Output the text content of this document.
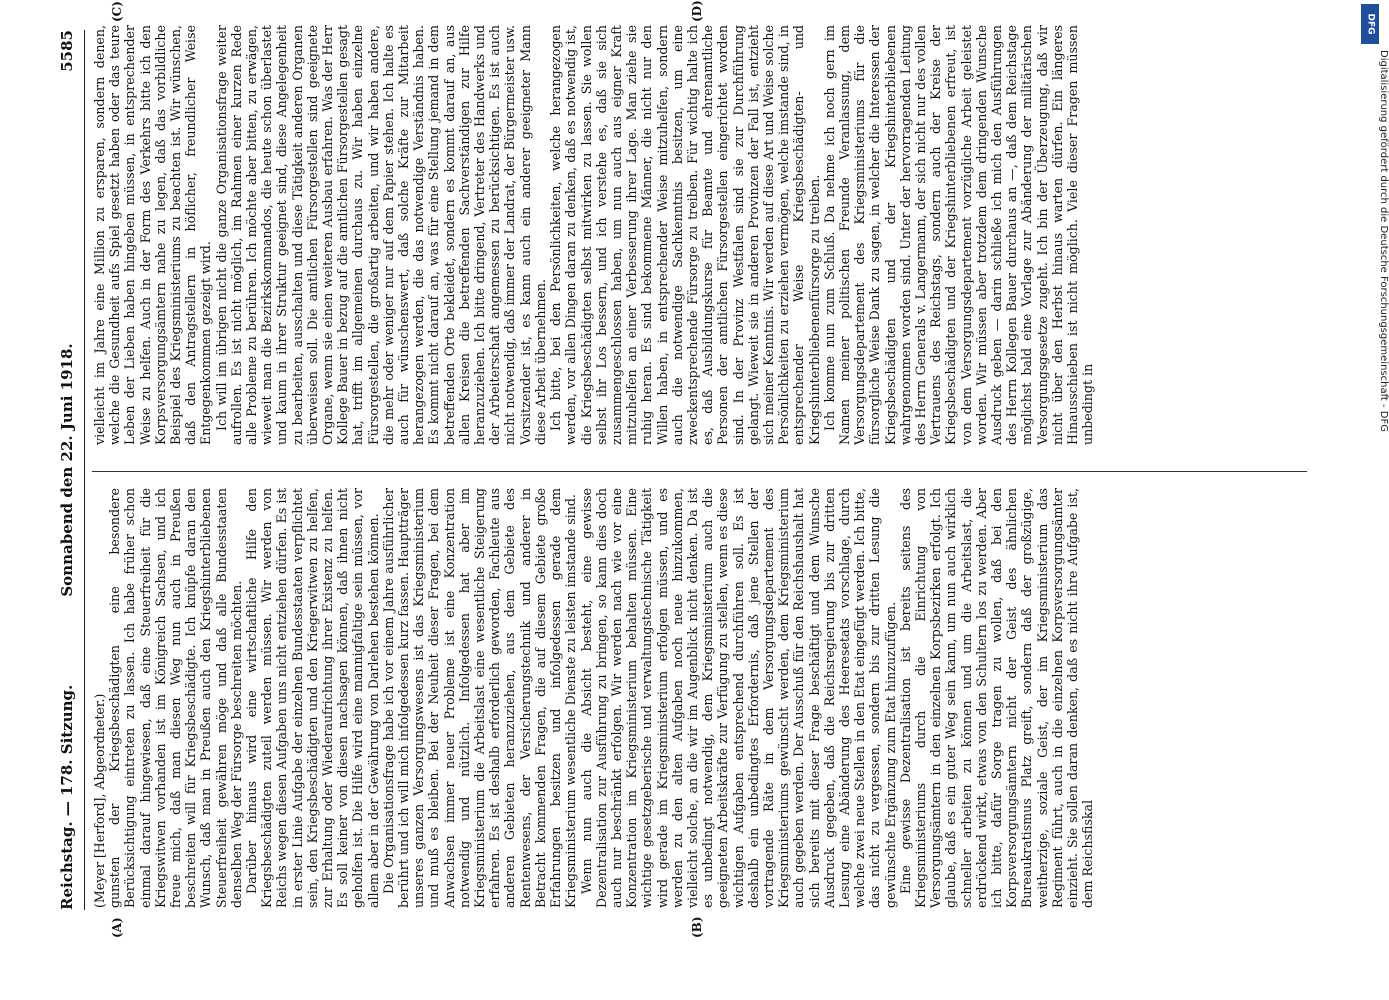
Reichstag. — 178. Sitzung.
Sonnabend den 22. Juni 1918.
5585
(A)	(B)
(C)	(D)

(Meyer [Herford], Abgeordneter.) gunsten der Kriegsbeschädigten eine besondere Berücksichtigung eintreten zu lassen. Ich habe früher schon einmal darauf hingewiesen, daß eine Steuerfreiheit für die Kriegswitwen vorhanden ist im Königreich Sachsen, und ich freue mich, daß man diesen Weg nun auch in Preußen beschreiten will für Kriegsbeschädigte. Ich knüpfe daran den Wunsch, daß man in Preußen auch den Kriegshinterbliebenen Steuerfreiheit gewähren möge und daß alle Bundesstaaten denselben Weg der Fürsorge beschreiten möchten. Darüber hinaus wird eine wirtschaftliche Hilfe den Kriegsbeschädigten zuteil werden müssen. Wir werden von Reichs wegen diesen Aufgaben uns nicht entziehen dürfen. Es ist in erster Linie Aufgabe der einzelnen Bundesstaaten verpflichtet sein, den Kriegsbeschädigten und den Kriegerwitwen zu helfen, zur Erhaltung oder Wiederaufrichtung ihrer Existenz zu helfen. Es soll keiner von diesen nachsagen können, daß ihnen nicht geholfen ist. Die Hilfe wird eine mannigfaltige sein müssen, vor allem aber in der Gewährung von Darlehen bestehen können. Die Organisationsfrage habe ich vor einem Jahre ausführlicher berührt und ich will mich infolgedessen kurz fassen. Hauptträger unseres ganzen Versorgungswesens ist das Kriegsministerium und muß es bleiben. Bei der Neuheit dieser Fragen, bei dem Anwachsen immer neuer Probleme ist eine Konzentration notwendig und nützlich. Infolgedessen hat aber im Kriegsministerium die Arbeitslast eine wesentliche Steigerung erfahren. Es ist deshalb erforderlich geworden, Fachleute aus anderen Gebieten heranzuziehen, aus dem Gebiete des Rentenwesens, der Versicherungstechnik und anderer in Betracht kommenden Fragen, die auf diesem Gebiete große Erfahrungen besitzen und infolgedessen gerade dem Kriegsministerium wesentliche Dienste zu leisten imstande sind. Wenn nun auch die Absicht besteht, eine gewisse Dezentralisation zur Ausführung zu bringen, so kann dies doch auch nur beschränkt erfolgen. Wir werden nach wie vor eine Konzentration im Kriegsministerium behalten müssen. Eine wichtige gesetzgeberische und verwaltungstechnische Tätigkeit wird gerade im Kriegsministerium erfolgen müssen, und es werden zu den alten Aufgaben noch neue hinzukommen, vielleicht solche, an die wir im Augenblick nicht denken. Da ist es unbedingt notwendig, dem Kriegsministerium auch die geeigneten Arbeitskräfte zur Verfügung zu stellen, wenn es diese wichtigen Aufgaben entsprechend durchführen soll. Es ist deshalb ein unbedingtes Erfordernis, daß jene Stellen der vortragende Räte in dem Versorgungsdepartement des Kriegsministeriums gewünscht werden, dem Kriegsministerium auch gegeben werden. Der Ausschuß für den Reichshaushalt hat sich bereits mit dieser Frage beschäftigt und dem Wunsche Ausdruck gegeben, daß die Reichsregierung bis zur dritten Lesung eine Abänderung des Heeresetats vorschlage, durch welche zwei neue Stellen in den Etat eingefügt werden. Ich bitte, das nicht zu vergessen, sondern bis zur dritten Lesung die gewünschte Ergänzung zum Etat hinzuzufügen. Eine gewisse Dezentralisation ist bereits seitens des Kriegsministeriums durch die Einrichtung von Versorgungsämtern in den einzelnen Korpsbezirken erfolgt. Ich glaube, daß es ein guter Weg sein kann, um nun auch wirklich schneller arbeiten zu können und um die Arbeitslast, die erdrückend wirkt, etwas von den Schultern los zu werden. Aber ich bitte, dafür Sorge tragen zu wollen, daß bei den Korpsversorgungsämtern nicht der Geist des ähnlichen Bureaukratismus Platz greift, sondern daß der großzügige, weitherzige, soziale Geist, der im Kriegsministerium das Regiment führt, auch in die einzelnen Korpsversorgungsämter einzieht. Sie sollen daran denken, daß es nicht ihre Aufgabe ist, dem Reichsfiskal

vielleicht im Jahre eine Million zu ersparen, sondern denen, welche die Gesundheit aufs Spiel gesetzt haben oder das teure Leben der Lieben haben hingeben müssen, in entsprechender Weise zu helfen. Auch in der Form des Verkehrs bitte ich den Korpsversorgungsämtern nahe zu legen, daß das vorbildliche Beispiel des Kriegsministeriums zu beachten ist. Wir wünschen, daß den Antragstellern in höflicher, freundlicher Weise Entgegenkommen gezeigt wird. Ich will im übrigen nicht die ganze Organisationsfrage weiter aufrollen. Es ist nicht möglich, im Rahmen einer kurzen Rede alle Probleme zu berühren. Ich möchte aber bitten, zu erwägen, wieweit man die Bezirkskommandos, die heute schon überlastet und kaum in ihrer Struktur geeignet sind, diese Angelegenheit zu bearbeiten, ausschalten und diese Tätigkeit anderen Organen überweisen soll. Die amtlichen Fürsorgestellen sind geeignete Organe, wenn sie einen weiteren Ausbau erfahren. Was der Herr Kollege Bauer in bezug auf die amtlichen Fürsorgestellen gesagt hat, trifft im allgemeinen durchaus zu. Wir haben einzelne Fürsorgestellen, die großartig arbeiten, und wir haben andere, die mehr oder weniger nur auf dem Papier stehen. Ich halte es auch für wünschenswert, daß solche Kräfte zur Mitarbeit herangezogen werden, die das notwendige Verständnis haben. Es kommt nicht darauf an, was für eine Stellung jemand in dem betreffenden Orte bekleidet, sondern es kommt darauf an, aus allen Kreisen die betreffenden Sachverständigen zur Hilfe heranzuziehen. Ich bitte dringend, Vertreter des Handwerks und der Arbeiterschaft angemessen zu berücksichtigen. Es ist auch nicht notwendig, daß immer der Landrat, der Bürgermeister usw. Vorsitzender ist, es kann auch ein anderer geeigneter Mann diese Arbeit übernehmen. Ich bitte, bei den Persönlichkeiten, welche herangezogen werden, vor allen Dingen daran zu denken, daß es notwendig ist, die Kriegsbeschädigten selbst mitwirken zu lassen. Sie wollen selbst ihr Los bessern, und ich verstehe es, daß sie sich zusammengeschlossen haben, um nun auch aus eigner Kraft mitzuhelfen an einer Verbesserung ihrer Lage. Man ziehe sie ruhig heran. Es sind bekommene Männer, die nicht nur den Willen haben, in entsprechender Weise mitzuhelfen, sondern auch die notwendige Sachkenntnis besitzen, um eine zweckentsprechende Fürsorge zu treiben. Für wichtig halte ich es, daß Ausbildungskurse für Beamte und ehrenamtliche Personen der amtlichen Fürsorgestellen eingerichtet worden sind. In der Provinz Westfalen sind sie zur Durchführung gelangt. Wieweit sie in anderen Provinzen der Fall ist, entzieht sich meiner Kenntnis. Wir werden auf diese Art und Weise solche Persönlichkeiten zu erziehen vermögen, welche imstande sind, in entsprechender Weise Kriegsbeschädigten- und Kriegshinterbliebenenfürsorge zu treiben. Ich komme nun zum Schluß. Da nehme ich noch gern im Namen meiner politischen Freunde Veranlassung, dem Versorgungsdepartement des Kriegsministeriums für die fürsorgliche Weise Dank zu sagen, in welcher die Interessen der Kriegsbeschädigten und der Kriegshinterbliebenen wahrgenommen worden sind. Unter der hervorragenden Leitung des Herrn Generals v. Langermann, der sich nicht nur des vollen Vertrauens des Reichstags, sondern auch der Kreise der Kriegsbeschädigten und der Kriegshinterbliebenen erfreut, ist von dem Versorgungsdepartement vorzügliche Arbeit geleistet worden. Wir müssen aber trotzdem dem dringenden Wunsche Ausdruck geben — darin schließe ich mich den Ausführungen des Herrn Kollegen Bauer durchaus an —, daß dem Reichstage möglichst bald eine Vorlage zur Abänderung der militärischen Versorgungsgesetze zugeht. Ich bin der Überzeugung, daß wir nicht über den Herbst hinaus warten dürfen. Ein längeres Hinausschieben ist nicht möglich. Viele dieser Fragen müssen unbedingt in

DFG
Digitalisierung gefördert durch die Deutsche Forschungsgemeinschaft - DFG
